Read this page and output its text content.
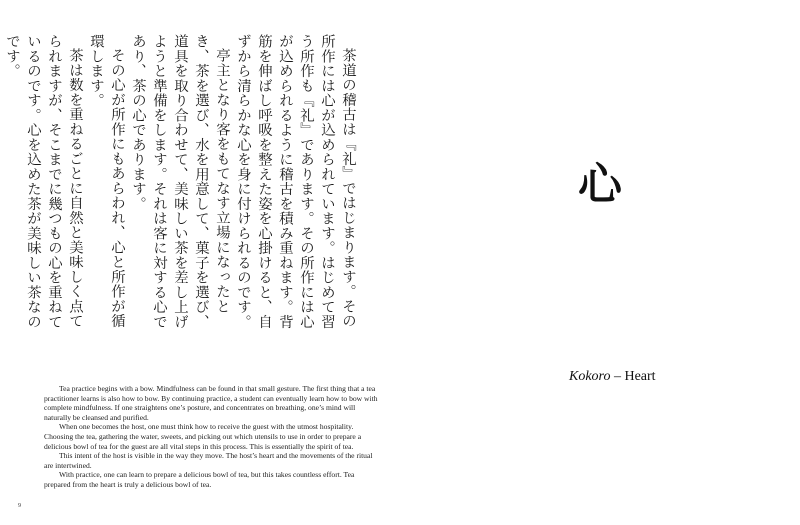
茶道の稽古は『礼』ではじまります。その所作には心が込められています。はじめて習う所作も『礼』であります。その所作には心が込められるように稽古を積み重ねます。背筋を伸ばし呼吸を整えた姿を心掛けると、自ずから清らかな心を身に付けられるのです。

亭主となり客をもてなす立場になったとき、茶を選び、水を用意して、菓子を選び、道具を取り合わせて、美味しい茶を差し上げようと準備をします。それは客に対する心であり、茶の心であります。

その心が所作にもあらわれ、心と所作が循環します。

茶は数を重ねるごとに自然と美味しく点てられますが、そこまでに幾つもの心を重ねているのです。心を込めた茶が美味しい茶なのです。

Tea practice begins with a bow. Mindfulness can be found in that small gesture. The first thing that a tea practitioner learns is also how to bow. By continuing practice, a student can eventually learn how to bow with complete mindfulness. If one straightens one’s posture, and concentrates on breathing, one’s mind will naturally be cleansed and purified.

When one becomes the host, one must think how to receive the guest with the utmost hospitality. Choosing the tea, gathering the water, sweets, and picking out which utensils to use in order to prepare a delicious bowl of tea for the guest are all vital steps in this process. This is essentially the spirit of tea.

This intent of the host is visible in the way they move. The host’s heart and the movements of the ritual are intertwined.

With practice, one can learn to prepare a delicious bowl of tea, but this takes countless effort. Tea prepared from the heart is truly a delicious bowl of tea.

9
心
Kokoro – Heart
